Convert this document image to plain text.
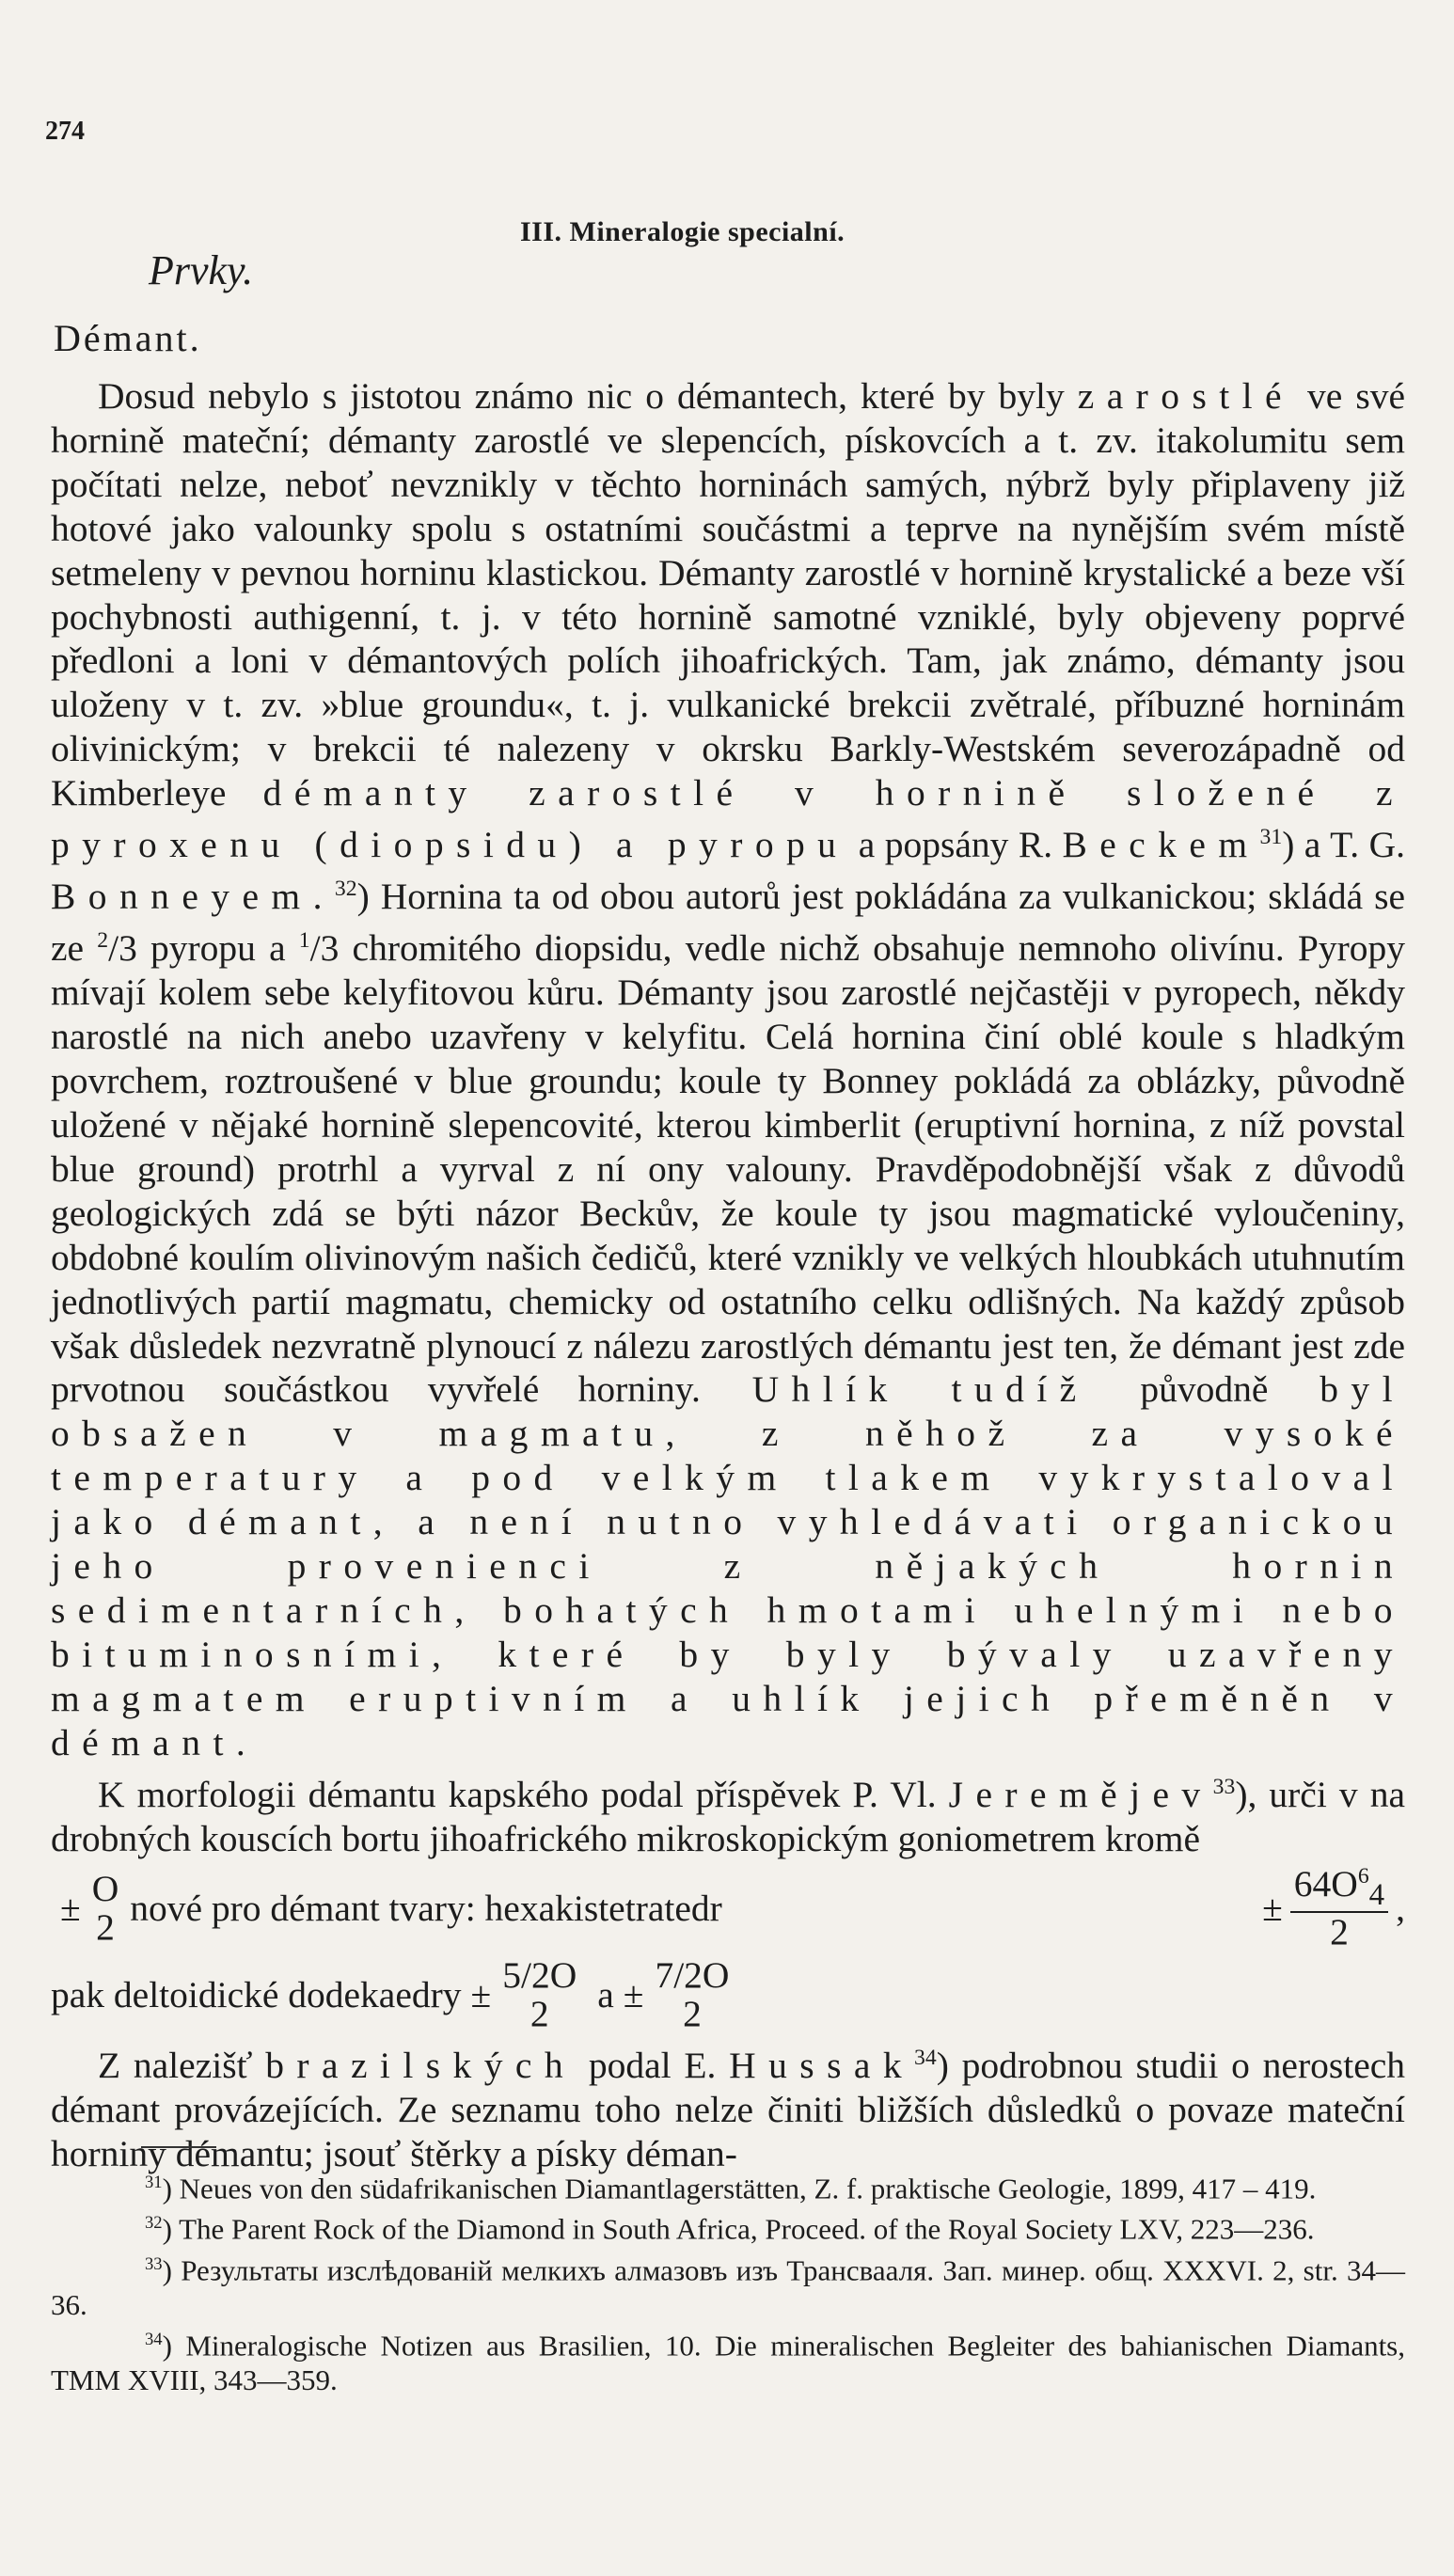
274
III. Mineralogie specialní.
Prvky.
Démant.

Dosud nebylo s jistotou známo nic o démantech, které by byly zarostlé ve své hornině mateční; démanty zarostlé ve slepencích, pískovcích a t. zv. itakolumitu sem počítati nelze, neboť nevznikly v těchto horninách samých, nýbrž byly připlaveny již hotové jako valounky spolu s ostatními součástmi a teprve na nynějším svém místě setmeleny v pevnou horninu klastickou. Démanty zarostlé v hornině krystalické a beze vší pochybnosti authigenní, t. j. v této hornině samotné vzniklé, byly objeveny poprvé předloni a loni v démantových polích jihoafrických. Tam, jak známo, démanty jsou uloženy v t. zv. »blue groundu«, t. j. vulkanické brekcii zvětralé, příbuzné horninám olivinickým; v brekcii té nalezeny v okrsku Barkly-Westském severozápadně od Kimberleye démanty zarostlé v hornině složené z pyroxenu (diopsidu) a pyropu a popsány R. Beckem$^{31}$) a T. G. Bonneyem.$^{32}$) Hornina ta od obou autorů jest pokládána za vulkanickou; skládá se ze $^2$/3 pyropu a $^1$/3 chromitého diopsidu, vedle nichž obsahuje nemnoho olivínu. Pyropy mívají kolem sebe kelyfitovou kůru. Démanty jsou zarostlé nejčastěji v pyropech, někdy narostlé na nich anebo uzavřeny v kelyfitu. Celá hornina činí oblé koule s hladkým povrchem, roztroušené v blue groundu; koule ty Bonney pokládá za oblázky, původně uložené v nějaké hornině slepencovité, kterou kimberlit (eruptivní hornina, z níž povstal blue ground) protrhl a vyrval z ní ony valouny. Pravděpodobnější však z důvodů geologických zdá se býti názor Beckův, že koule ty jsou magmatické vyloučeniny, obdobné koulím olivinovým našich čedičů, které vznikly ve velkých hloubkách utuhnutím jednotlivých partií magmatu, chemicky od ostatního celku odlišných. Na každý způsob však důsledek nezvratně plynoucí z nálezu zarostlých démantu jest ten, že démant jest zde prvotnou součástkou vyvřelé horniny. Uhlík tudíž původně byl obsažen v magmatu, z něhož za vysoké temperatury a pod velkým tlakem vykrystaloval jako démant, a není nutno vyhledávati organickou jeho provenienci z nějakých hornin sedimentarních, bohatých hmotami uhelnými nebo bituminosními, které by byly bývaly uzavřeny magmatem eruptivním a uhlík jejich přeměněn v démant.

K morfologii démantu kapského podal příspěvek P. Vl. Jeremějev$^{33}$), urči v na drobných kouscích bortu jihoafrického mikroskopickým goniometrem kromě

± O
2 nové pro démant tvary: hexakistetratedr	± $\frac{64O^6_4}{2}$ ,
pak deltoidické dodekaedry ± 5/2O
2 a ± 7/2O
2

Z nalezišť brazilských podal E. Hussak$^{34}$) podrobnou studii o nerostech démant provázejících. Ze seznamu toho nelze činiti bližších důsledků o povaze mateční horniny démantu; jsouť štěrky a písky déman-

$^{31}$) Neues von den südafrikanischen Diamantlagerstätten, Z. f. praktische Geologie, 1899, 417 – 419.

$^{32}$) The Parent Rock of the Diamond in South Africa, Proceed. of the Royal Society LXV, 223—236.

$^{33}$) Результаты изслѣдованій мелкихъ алмазовъ изъ Трансвааля. Зап. минер. общ. XXXVI. 2, str. 34—36.

$^{34}$) Mineralogische Notizen aus Brasilien, 10. Die mineralischen Begleiter des bahianischen Diamants, TMM XVIII, 343—359.
